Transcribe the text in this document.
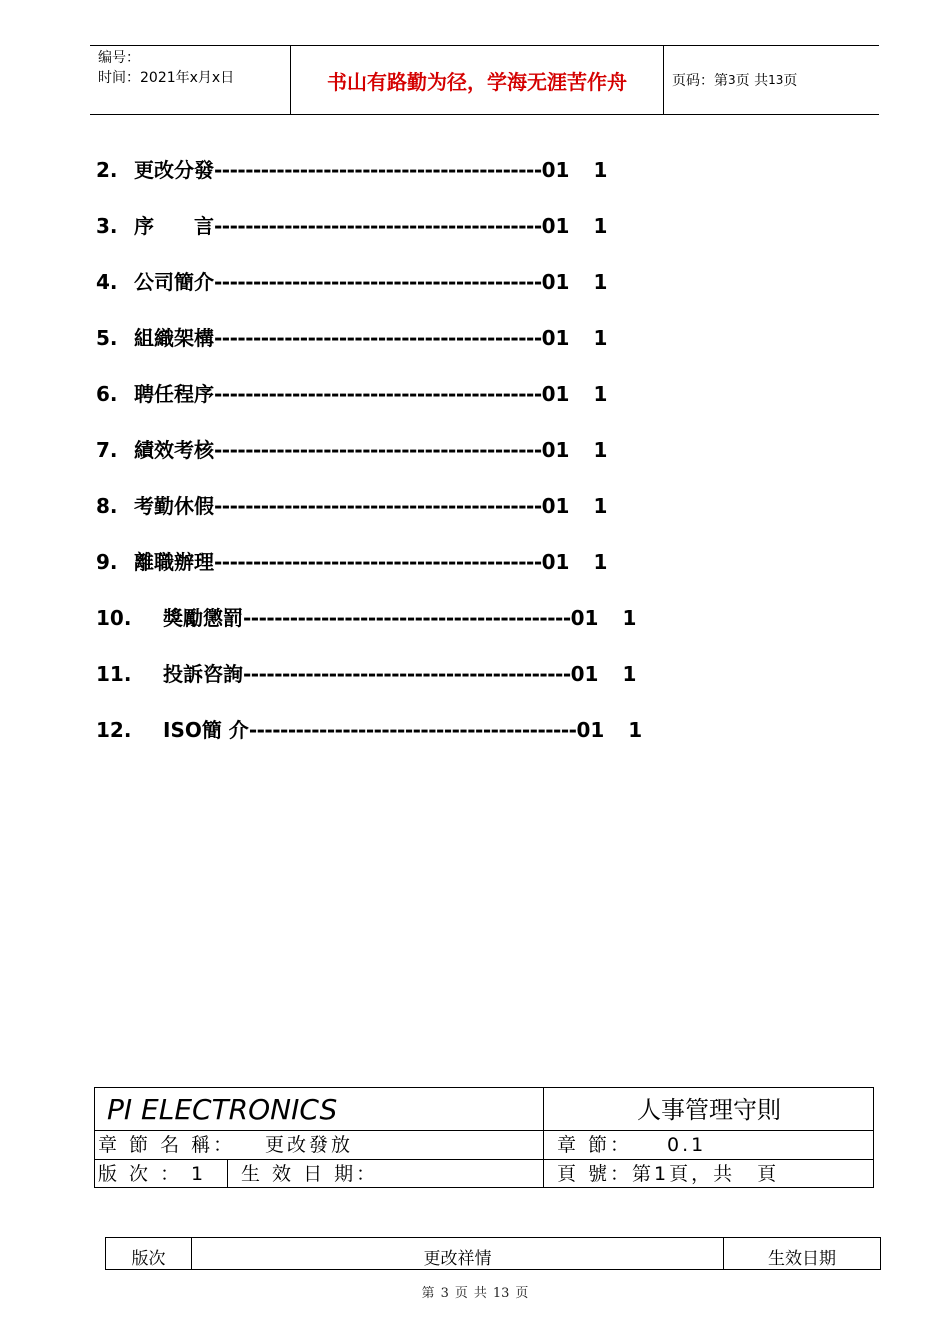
编号：
时间：2021年x月x日	书山有路勤为径，学海无涯苦作舟	页码：第 3 页 共 13 页
2. 更改分發------------------------------------------01 1
3. 序　　言------------------------------------------01 1
4. 公司簡介------------------------------------------01 1
5. 組織架構------------------------------------------01 1
6. 聘任程序------------------------------------------01 1
7. 績效考核------------------------------------------01 1
8. 考勤休假------------------------------------------01 1
9. 離職辦理------------------------------------------01 1
10. 獎勵懲罰------------------------------------------01 1
11. 投訴咨詢------------------------------------------01 1
12. ISO簡 介------------------------------------------01 1
PI ELECTRONICS	人事管理守則
章 節 名 稱： 更改發放	章 節： 0.1
版 次 ： 1 生 效 日 期：	頁 號：第1頁，共　頁
版次	更改祥情	生效日期
第 3 页 共 13 页
